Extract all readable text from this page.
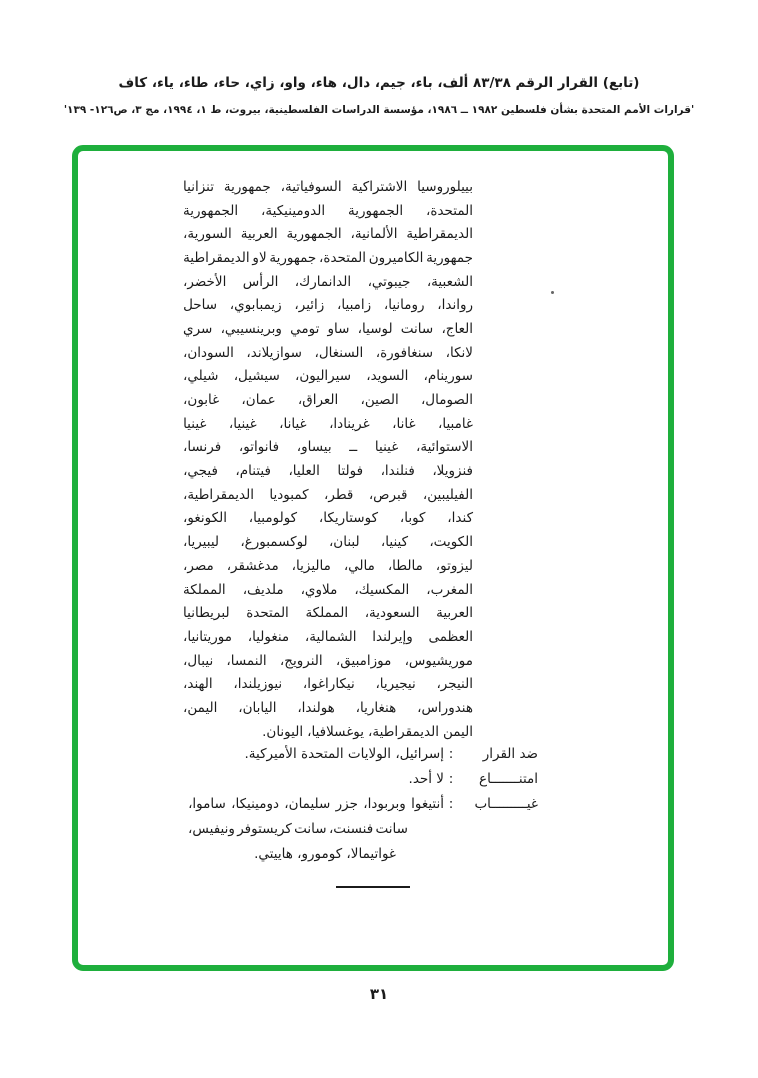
(تابع) القرار الرقم ٨٣/٣٨ ألف، باء، جيم، دال، هاء، واو، زاي، حاء، طاء، ياء، كاف
'قرارات الأمم المتحدة بشأن فلسطين ١٩٨٢ ــ ١٩٨٦، مؤسسة الدراسات الفلسطينية، بيروت، ط ١، ١٩٩٤، مج ٣، ص١٢٦- ١٣٩'
بييلوروسيا
الاشتراكية
السوفياتية،
جمهورية
تنزانيا
المتحدة،
الجمهورية
الدومينيكية،
الجمهورية
الديمقراطية
الألمانية،
الجمهورية
العربية
السورية،
جمهورية
الكاميرون
المتحدة،
جمهورية
لاو
الديمقراطية
الشعبية،
جيبوتي،
الدانمارك،
الرأس
الأخضر،
رواندا،
رومانيا،
زامبيا،
زائير،
زيمبابوي،
ساحل
العاج،
سانت
لوسيا،
ساو
تومي
وبرينسيبي،
سري
لانكا،
سنغافورة،
السنغال،
سوازيلاند،
السودان،
سورينام،
السويد،
سيراليون،
سيشيل،
شيلي،
الصومال،
الصين،
العراق،
عمان،
غابون،
غامبيا،
غانا،
غرينادا،
غيانا،
غينيا،
غينيا
الاستوائية،
غينيا
ــ
بيساو،
فانواتو،
فرنسا،
فنزويلا،
فنلندا،
فولتا
العليا،
فيتنام،
فيجي،
الفيليبين،
قبرص،
قطر،
كمبوديا
الديمقراطية،
كندا،
كوبا،
كوستاريكا،
كولومبيا،
الكونغو،
الكويت،
كينيا،
لبنان،
لوكسمبورغ،
ليبيريا،
ليزوتو،
مالطا،
مالي،
ماليزيا،
مدغشقر،
مصر،
المغرب،
المكسيك،
ملاوي،
ملديف،
المملكة
العربية
السعودية،
المملكة
المتحدة
لبريطانيا
العظمى
وإيرلندا
الشمالية،
منغوليا،
موريتانيا،
موريشيوس،
موزامبيق،
النرويج،
النمسا،
نيبال،
النيجر،
نيجيريا،
نيكاراغوا،
نيوزيلندا،
الهند،
هندوراس،
هنغاريا،
هولندا،
اليابان،
اليمن،
اليمن
الديمقراطية،
يوغسلافيا،
اليونان.
ضد القرار
:
إسرائيل، الولايات المتحدة الأميركية.
امتنـــــــاع
:
لا أحد.
غيـــــــــاب
:
أنتيغوا
وبربودا،
جزر
سليمان،
دومينيكا،
ساموا،
سانت
فنسنت،
سانت
كريستوفر
ونيفيس،
غواتيمالا، كومورو، هاييتي.
٣١
